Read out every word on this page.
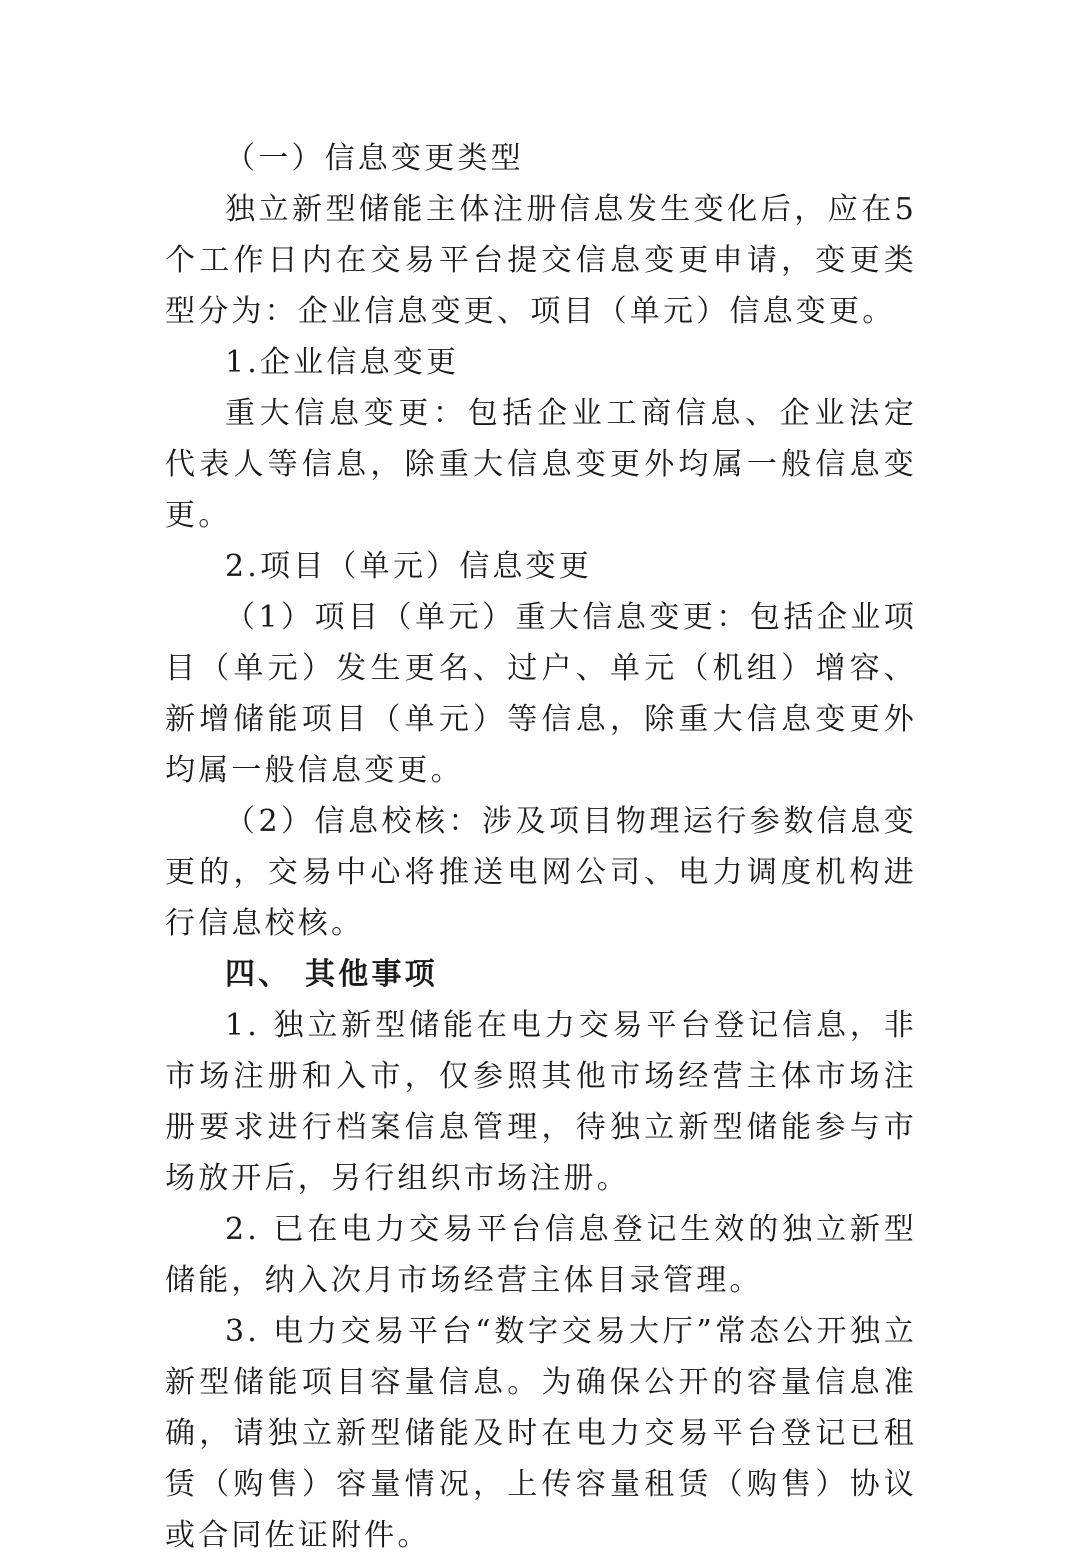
（一）信息变更类型

独立新型储能主体注册信息发生变化后，应在5个工作日内在交易平台提交信息变更申请，变更类型分为：企业信息变更、项目（单元）信息变更。

1.企业信息变更

重大信息变更：包括企业工商信息、企业法定代表人等信息，除重大信息变更外均属一般信息变更。

2.项目（单元）信息变更

（1）项目（单元）重大信息变更：包括企业项目（单元）发生更名、过户、单元（机组）增容、新增储能项目（单元）等信息，除重大信息变更外均属一般信息变更。

（2）信息校核：涉及项目物理运行参数信息变更的，交易中心将推送电网公司、电力调度机构进行信息校核。

四、 其他事项

1. 独立新型储能在电力交易平台登记信息，非市场注册和入市，仅参照其他市场经营主体市场注册要求进行档案信息管理，待独立新型储能参与市场放开后，另行组织市场注册。

2. 已在电力交易平台信息登记生效的独立新型储能，纳入次月市场经营主体目录管理。

3. 电力交易平台“数字交易大厅”常态公开独立新型储能项目容量信息。为确保公开的容量信息准确，请独立新型储能及时在电力交易平台登记已租赁（购售）容量情况，上传容量租赁（购售）协议或合同佐证附件。
